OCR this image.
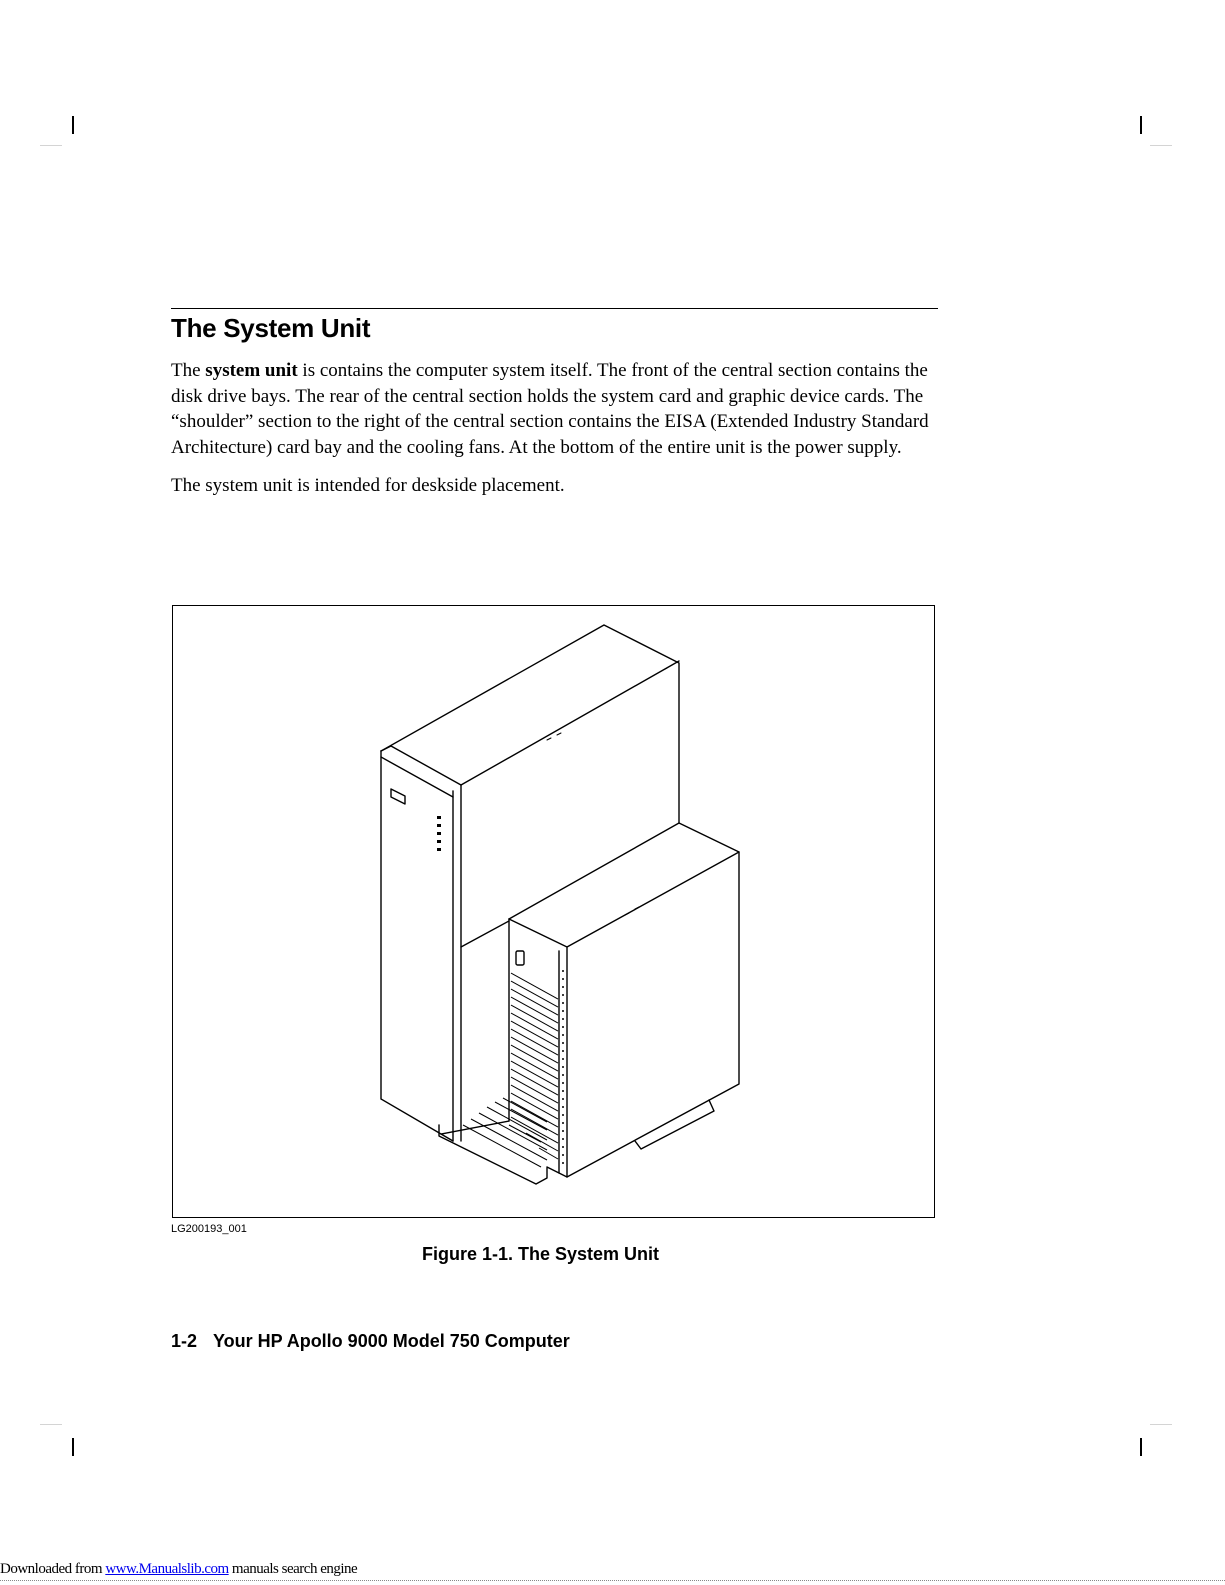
The System Unit

The system unit is contains the computer system itself. The front of the central section contains the disk drive bays. The rear of the central section holds the system card and graphic device cards. The “shoulder” section to the right of the central section contains the EISA (Extended Industry Standard Architecture) card bay and the cooling fans. At the bottom of the entire unit is the power supply.

The system unit is intended for deskside placement.

LG200193_001
Figure 1-1. The System Unit
1-2 Your HP Apollo 9000 Model 750 Computer
Downloaded from www.Manualslib.com manuals search engine
